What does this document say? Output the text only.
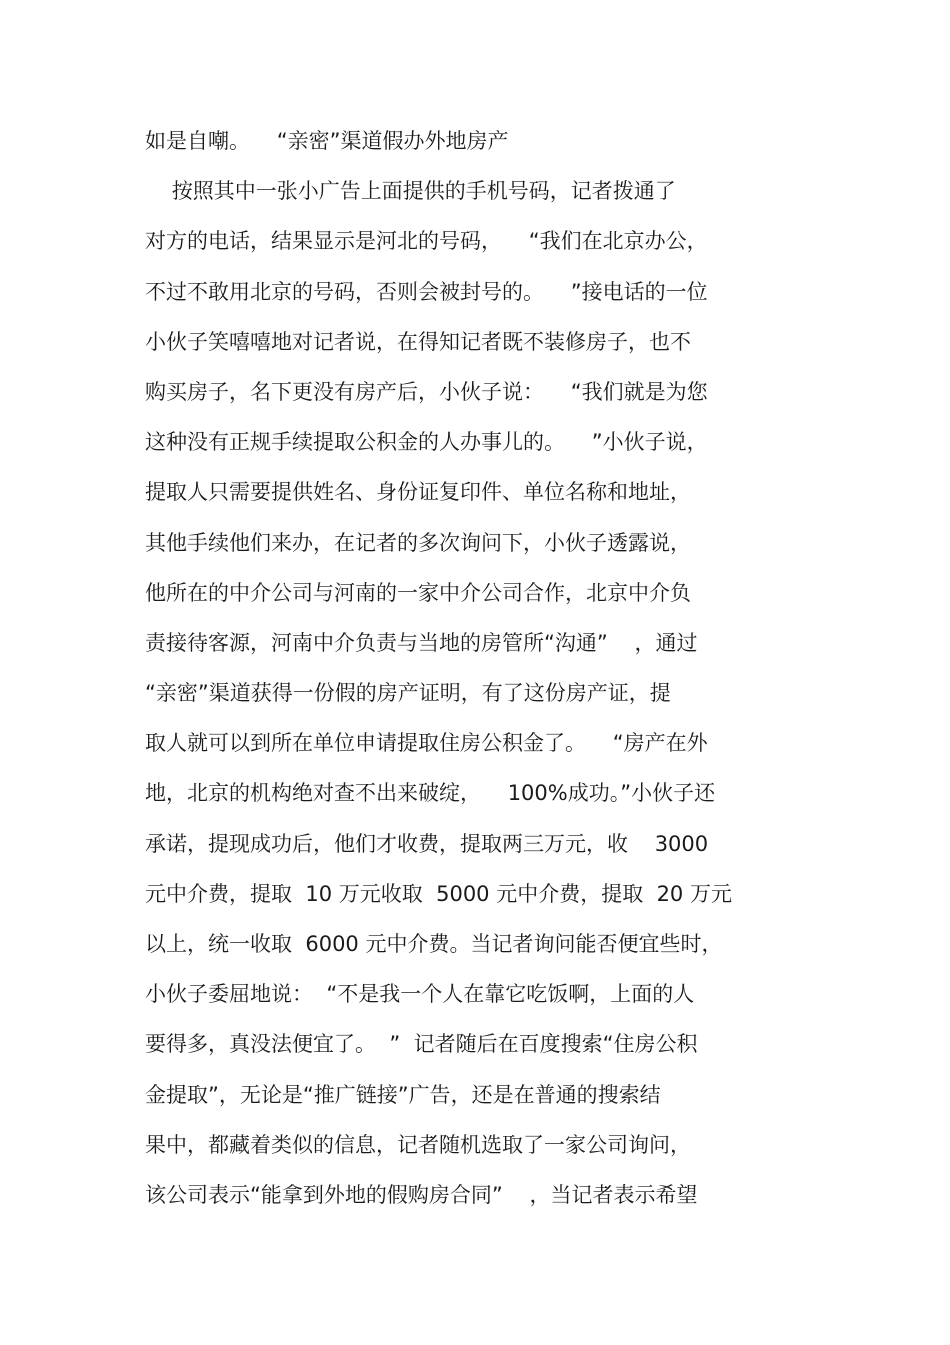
如是自嘲。    “亲密”渠道假办外地房产
按照其中一张小广告上面提供的手机号码，记者拨通了
对方的电话，结果显示是河北的号码，    “我们在北京办公，
不过不敢用北京的号码，否则会被封号的。    ”接电话的一位
小伙子笑嘻嘻地对记者说，在得知记者既不装修房子，也不
购买房子，名下更没有房产后，小伙子说：    “我们就是为您
这种没有正规手续提取公积金的人办事儿的。    ”小伙子说，
提取人只需要提供姓名、身份证复印件、单位名称和地址，
其他手续他们来办，在记者的多次询问下，小伙子透露说，
他所在的中介公司与河南的一家中介公司合作，北京中介负
责接待客源，河南中介负责与当地的房管所“沟通”    ，通过
“亲密”渠道获得一份假的房产证明，有了这份房产证，提
取人就可以到所在单位申请提取住房公积金了。    “房产在外
地，北京的机构绝对查不出来破绽，    100%成功。”小伙子还
承诺，提现成功后，他们才收费，提取两三万元，收    3000
元中介费，提取  10 万元收取  5000 元中介费，提取  20 万元
以上，统一收取  6000 元中介费。当记者询问能否便宜些时，
小伙子委屈地说：  “不是我一个人在靠它吃饭啊，上面的人
要得多，真没法便宜了。  ”  记者随后在百度搜索“住房公积
金提取”，无论是“推广链接”广告，还是在普通的搜索结
果中，都藏着类似的信息，记者随机选取了一家公司询问，
该公司表示“能拿到外地的假购房合同”    ，当记者表示希望
